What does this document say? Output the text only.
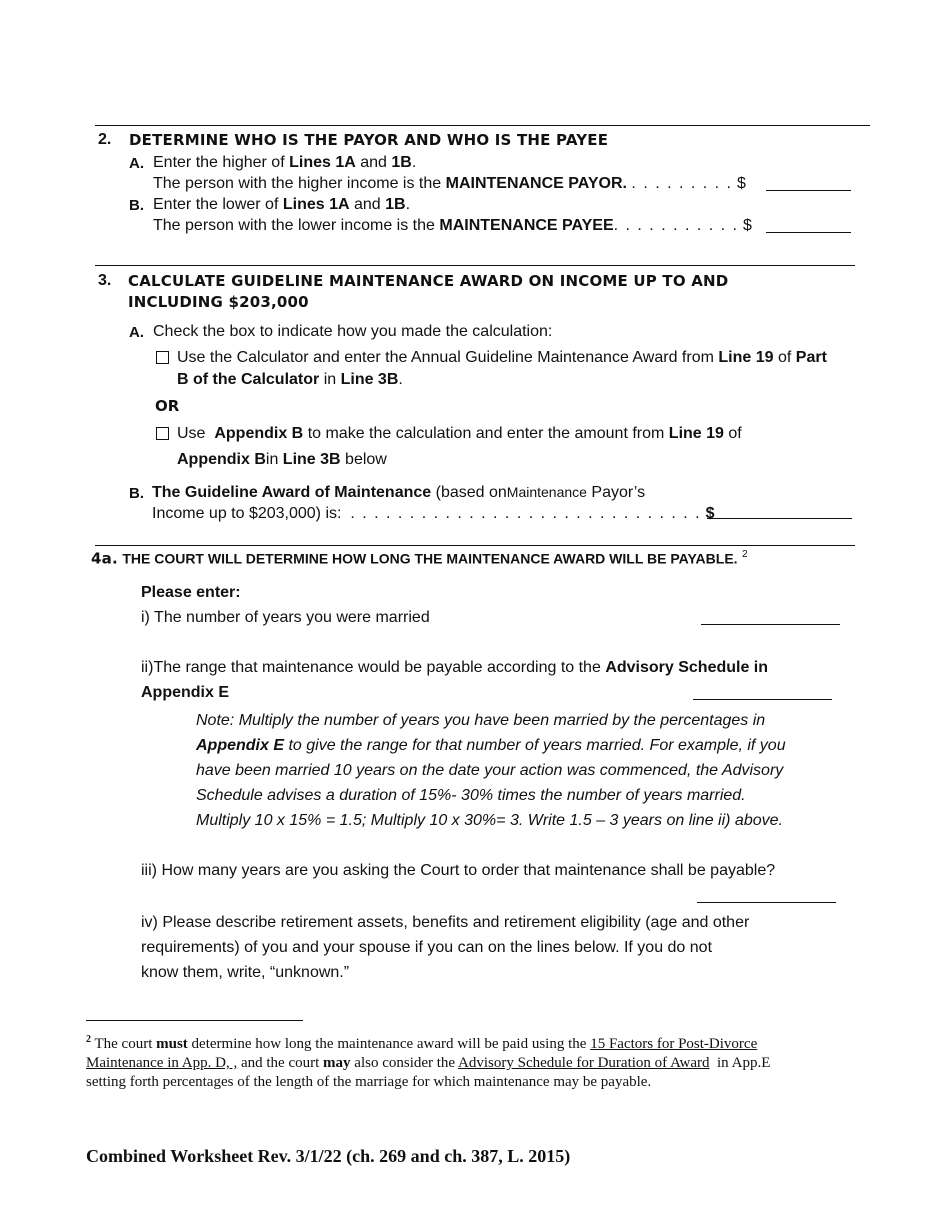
2. DETERMINE WHO IS THE PAYOR AND WHO IS THE PAYEE
A. Enter the higher of Lines 1A and 1B.
The person with the higher income is the MAINTENANCE PAYOR. . . . . . . . . . $
B. Enter the lower of Lines 1A and 1B.
The person with the lower income is the MAINTENANCE PAYEE. . . . . . . . . . . $
3. CALCULATE GUIDELINE MAINTENANCE AWARD ON INCOME UP TO AND
INCLUDING $203,000
A. Check the box to indicate how you made the calculation:
Use the Calculator and enter the Annual Guideline Maintenance Award from Line 19 of Part
B of the Calculator in Line 3B.
OR
Use Appendix B to make the calculation and enter the amount from Line 19 of
Appendix Bin Line 3B below
B. The Guideline Award of Maintenance (based onMaintenance Payor’s
Income up to $203,000) is: . . . . . . . . . . . . . . . . . . . . . . . . . . . . . . $
4a. THE COURT WILL DETERMINE HOW LONG THE MAINTENANCE AWARD WILL BE PAYABLE. $^2$
Please enter:
i) The number of years you were married
ii)The range that maintenance would be payable according to the Advisory Schedule in
Appendix E
Note: Multiply the number of years you have been married by the percentages in
Appendix E to give the range for that number of years married. For example, if you
have been married 10 years on the date your action was commenced, the Advisory
Schedule advises a duration of 15%- 30% times the number of years married.
Multiply 10 x 15% = 1.5; Multiply 10 x 30%= 3. Write 1.5 – 3 years on line ii) above.
iii) How many years are you asking the Court to order that maintenance shall be payable?
iv) Please describe retirement assets, benefits and retirement eligibility (age and other
requirements) of you and your spouse if you can on the lines below. If you do not
know them, write, “unknown.”
$^2$ The court must determine how long the maintenance award will be paid using the 15 Factors for Post-Divorce
Maintenance in App. D, , and the court may also consider the Advisory Schedule for Duration of Award in App.E
setting forth percentages of the length of the marriage for which maintenance may be payable.
Combined Worksheet Rev. 3/1/22 (ch. 269 and ch. 387, L. 2015)
